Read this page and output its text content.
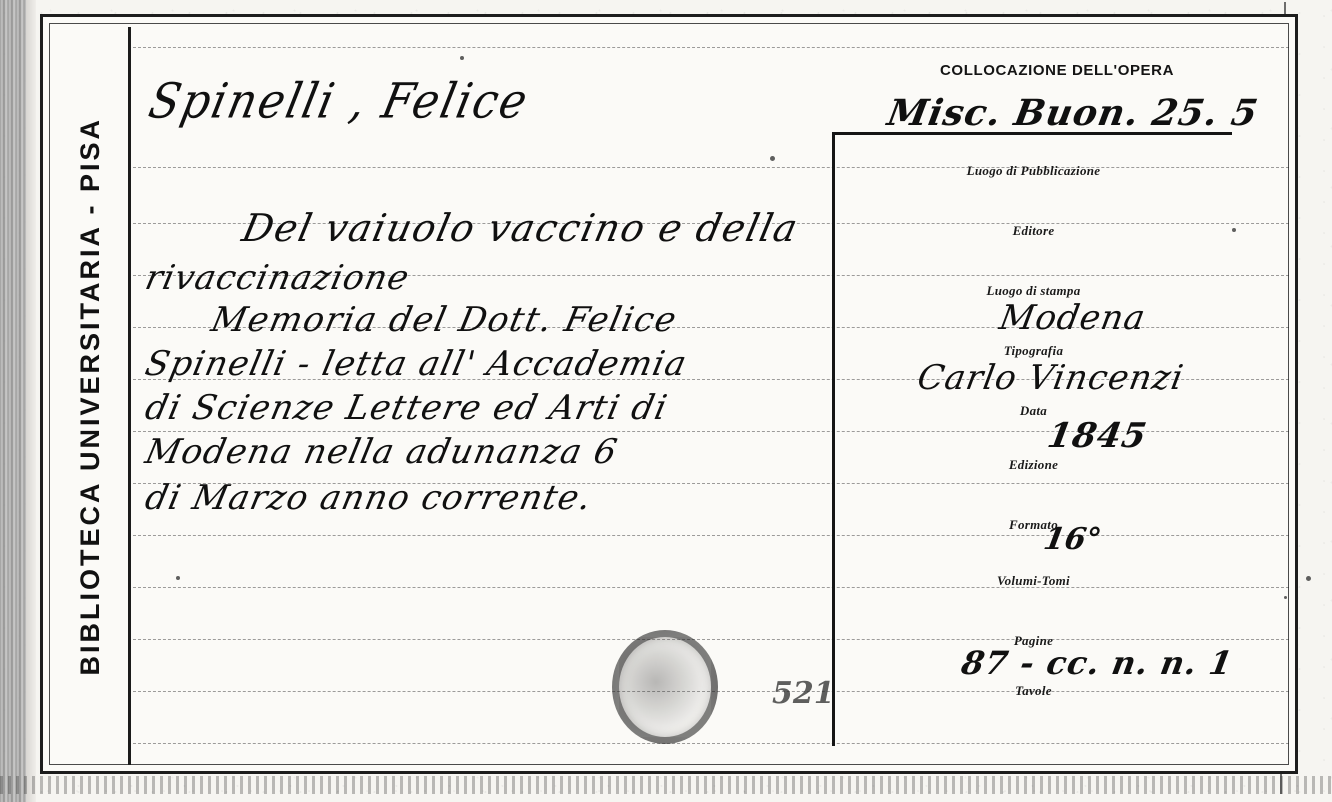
BIBLIOTECA UNIVERSITARIA - PISA
Spinelli , Felice
Del vaiuolo vaccino e della
rivaccinazione
Memoria del Dott. Felice
Spinelli - letta all' Accademia
di Scienze Lettere ed Arti di
Modena nella adunanza 6
di Marzo anno corrente.
521
COLLOCAZIONE DELL'OPERA
Misc. Buon. 25. 5
Luogo di Pubblicazione
Editore
Luogo di stampa
Tipografia
Data
Edizione
Formato
Volumi-Tomi
Pagine
Tavole
Modena
Carlo Vincenzi
1845
16°
87 - cc. n. n. 1
